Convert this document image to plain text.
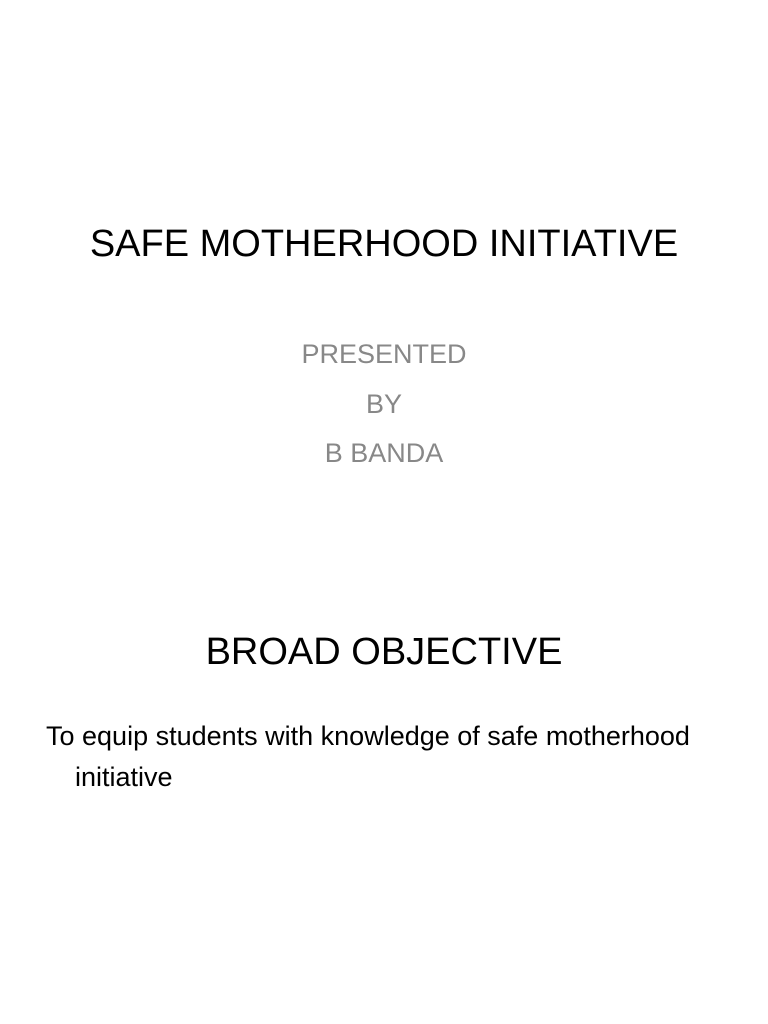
SAFE MOTHERHOOD INITIATIVE
PRESENTED
BY
B BANDA
BROAD OBJECTIVE

To equip students with knowledge of safe motherhood initiative
